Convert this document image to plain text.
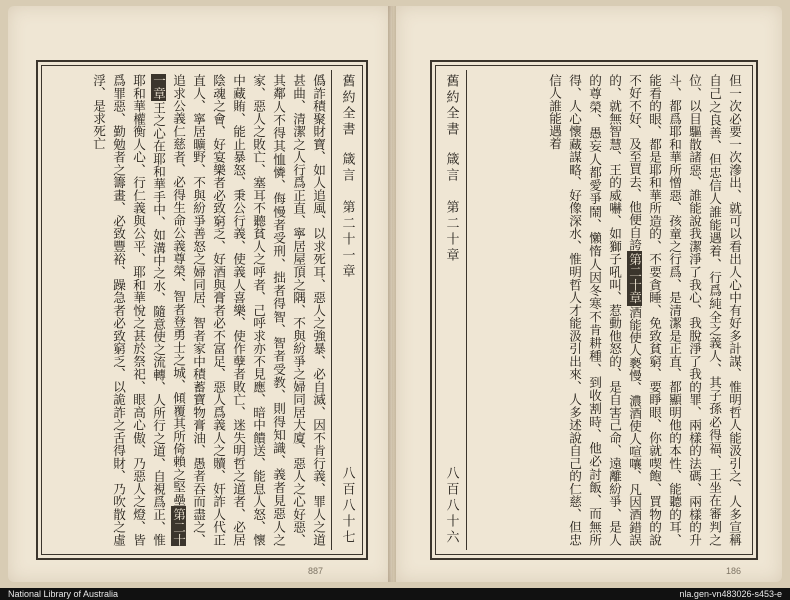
僞詐積聚財寶、如人追風、以求死耳、惡人之強暴、必自滅、因不肯行義、罪人之道甚曲、清潔之人行爲正直、寧居屋頂之隅、不與紛爭之婦同居大廈、惡人之心好惡、其鄰人不得其恤憐、侮慢者受刑、拙者得智、智者受教、則得知識、義者見惡人之家、惡人之敗亡、塞耳不聽貧人之呼者、己呼求亦不見應、暗中饋送、能息人怒、懷中藏賄、能止暴怒、秉公行義、使義人喜樂、使作孽者敗亡、迷失明哲之道者、必居陰魂之會、好宴樂者必致窮乏、好酒與膏者必不富足、惡人爲義人之贖、奸詐人代正直人、寧居曠野、不與紛爭善怒之婦同居、智者家中積蓄寶物膏油、愚者吞而盡之、追求公義仁慈者、必得生命公義尊榮、智者登勇士之城、傾覆其所倚賴之堅壘第二十一章王之心在耶和華手中、如溝中之水、隨意使之流轉、人所行之道、自視爲正、惟耶和華權衡人心、行仁義與公平、耶和華悅之甚於祭祀、眼高心傲、乃惡人之燈、皆爲罪惡、勤勉者之籌畫、必致豐裕、躁急者必致窮乏、以詭詐之舌得財、乃吹散之虛浮、是求死亡	舊約全書
箴言
第二十一章
八百八十七
887
但一次必要一次滲出、就可以看出人心中有好多計謀、惟明哲人能汲引之、人多宣稱自己之良善、但忠信人誰能遇着、行爲純全之義人、其子孫必得福、王坐在審判之位、以目驅散諸惡、誰能說我潔淨了我心、我脫淨了我的罪、兩樣的法碼、兩樣的升斗、都爲耶和華所憎惡、孩童之行爲、是清潔是正直、都顯明他的本性、能聽的耳、能看的眼、都是耶和華所造的、不要貪睡、免致貧窮、要睜眼、你就喫飽、買物的說不好不好、及至買去、他便自誇第二十章酒能使人褻慢、濃酒使人喧嚷、凡因酒錯誤的、就無智慧、王的威嚇、如獅子吼叫、惹動他怒的、是自害己命、遠離紛爭、是人的尊榮、愚妄人都愛爭鬧、懶惰人因冬寒不肯耕種、到收割時、他必討飯、而無所得、人心懷藏謀略、好像深水、惟明哲人才能汲引出來、人多述說自己的仁慈、但忠信人誰能遇着
舊約全書
箴言
第二十章
八百八十六
186
National Library of Australia	nla.gen-vn483026-s453-e
